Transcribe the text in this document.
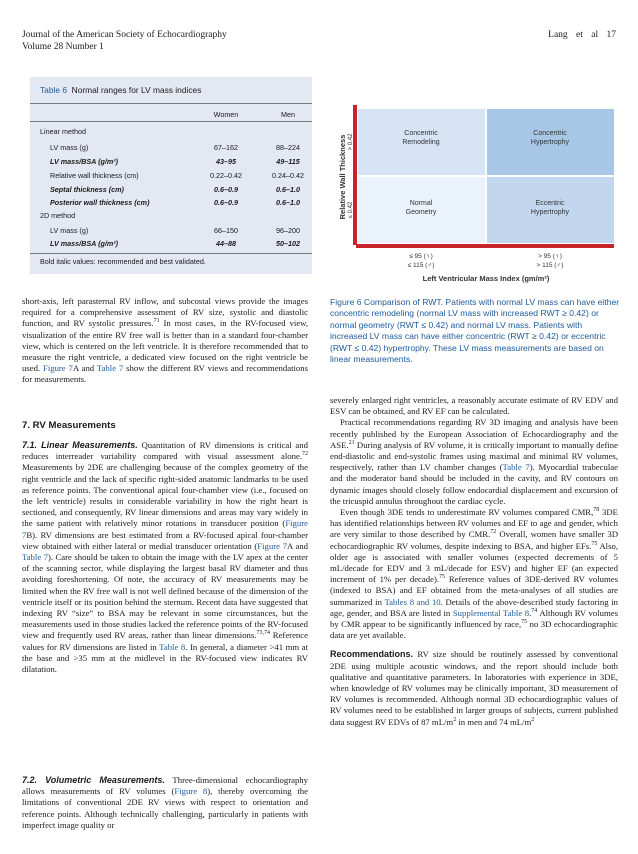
Journal of the American Society of Echocardiography
Volume 28 Number 1
Lang et al 17
Table 6 Normal ranges for LV mass indices
Women	Men
Linear method
LV mass (g)	67–162	88–224
LV mass/BSA (g/m²)	43–95	49–115
Relative wall thickness (cm)	0.22–0.42	0.24–0.42
Septal thickness (cm)	0.6–0.9	0.6–1.0
Posterior wall thickness (cm)	0.6–0.9	0.6–1.0
2D method
LV mass (g)	66–150	96–200
LV mass/BSA (g/m²)	44–88	50–102
Bold italic values: recommended and best validated.
Concentric
Remodeling
Concentric
Hypertrophy
Normal
Geometry
Eccentric
Hypertrophy
Relative Wall Thickness > 0.42
≤ 0.42
≤ 95 (♀)
≤ 115 (♂)
> 95 (♀)
> 115 (♂)
Left Ventricular Mass Index (gm/m²)
Figure 6 Comparison of RWT. Patients with normal LV mass can have either concentric remodeling (normal LV mass with increased RWT ≥ 0.42) or normal geometry (RWT ≤ 0.42) and normal LV mass. Patients with increased LV mass can have either concentric (RWT ≥ 0.42) or eccentric (RWT ≤ 0.42) hypertrophy. These LV mass measurements are based on linear measurements.

short-axis, left parasternal RV inflow, and subcostal views provide the images required for a comprehensive assessment of RV size, systolic and diastolic function, and RV systolic pressures.$^{71}$ In most cases, in the RV-focused view, visualization of the entire RV free wall is better than in a standard four-chamber view, which is centered on the left ventricle. It is therefore recommended that to measure the right ventricle, a dedicated view focused on the right ventricle be used. Figure 7A and Table 7 show the different RV views and recommendations for measurements.

7. RV Measurements

7.1. Linear Measurements. Quantitation of RV dimensions is critical and reduces interreader variability compared with visual assessment alone.$^{72}$ Measurements by 2DE are challenging because of the complex geometry of the right ventricle and the lack of specific right-sided anatomic landmarks to be used as reference points. The conventional apical four-chamber view (i.e., focused on the left ventricle) results in considerable variability in how the right heart is sectioned, and consequently, RV linear dimensions and areas may vary widely in the same patient with relatively minor rotations in transducer position (Figure 7B). RV dimensions are best estimated from a RV-focused apical four-chamber view obtained with either lateral or medial transducer orientation (Figure 7A and Table 7). Care should be taken to obtain the image with the LV apex at the center of the scanning sector, while displaying the largest basal RV diameter and thus avoiding foreshortening. Of note, the accuracy of RV measurements may be limited when the RV free wall is not well defined because of the dimension of the ventricle itself or its position behind the sternum. Recent data have suggested that indexing RV “size” to BSA may be relevant in some circumstances, but the measurements used in those studies lacked the reference points of the RV-focused view and frequently used RV areas, rather than linear dimensions.$^{73,74}$ Reference values for RV dimensions are listed in Table 8. In general, a diameter >41 mm at the base and >35 mm at the midlevel in the RV-focused view indicates RV dilatation.

7.2. Volumetric Measurements. Three-dimensional echocardiography allows measurements of RV volumes (Figure 8), thereby overcoming the limitations of conventional 2DE RV views with respect to orientation and reference points. Although technically challenging, particularly in patients with imperfect image quality or

severely enlarged right ventricles, a reasonably accurate estimate of RV EDV and ESV can be obtained, and RV EF can be calculated.

Practical recommendations regarding RV 3D imaging and analysis have been recently published by the European Association of Echocardiography and the ASE.$^{21}$ During analysis of RV volume, it is critically important to manually define end-diastolic and end-systolic frames using maximal and minimal RV volumes, respectively, rather than LV chamber changes (Table 7). Myocardial trabeculae and the moderator band should be included in the cavity, and RV contours on dynamic images should closely follow endocardial displacement and excursion of the tricuspid annulus throughout the cardiac cycle.

Even though 3DE tends to underestimate RV volumes compared CMR,$^{78}$ 3DE has identified relationships between RV volumes and EF to age and gender, which are very similar to those described by CMR.$^{72}$ Overall, women have smaller 3D echocardiographic RV volumes, despite indexing to BSA, and higher EFs.$^{75}$ Also, older age is associated with smaller volumes (expected decrements of 5 mL/decade for EDV and 3 mL/decade for ESV) and higher EF (an expected increment of 1% per decade).$^{75}$ Reference values of 3DE-derived RV volumes (indexed to BSA) and EF obtained from the meta-analyses of all studies are summarized in Tables 8 and 10. Details of the above-described study factoring in age, gender, and BSA are listed in Supplemental Table 8.74 Although RV volumes by CMR appear to be significantly influenced by race,$^{75}$ no 3D echocardiographic data are yet available.

Recommendations. RV size should be routinely assessed by conventional 2DE using multiple acoustic windows, and the report should include both qualitative and quantitative parameters. In laboratories with experience in 3DE, when knowledge of RV volumes may be clinically important, 3D measurement of RV volumes is recommended. Although normal 3D echocardiographic values of RV volumes need to be established in larger groups of subjects, current published data suggest RV EDVs of 87 $mL/m^2$ in men and 74 $mL/m^2$
